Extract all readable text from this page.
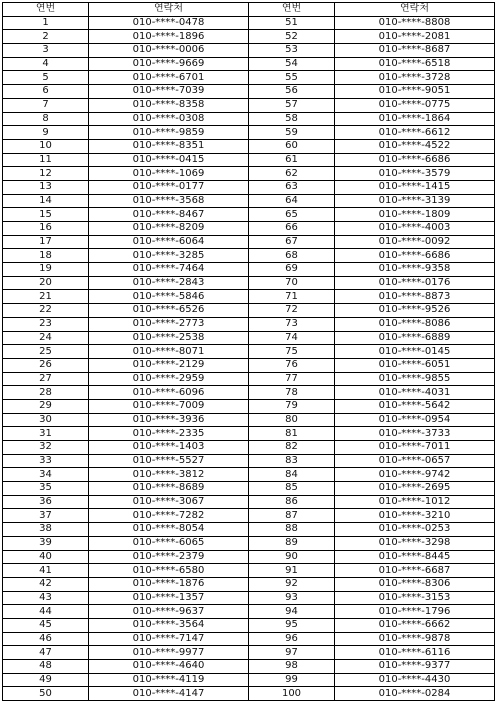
연번	연락처	연번	연락처
1	010-****-0478	51	010-****-8808
2	010-****-1896	52	010-****-2081
3	010-****-0006	53	010-****-8687
4	010-****-9669	54	010-****-6518
5	010-****-6701	55	010-****-3728
6	010-****-7039	56	010-****-9051
7	010-****-8358	57	010-****-0775
8	010-****-0308	58	010-****-1864
9	010-****-9859	59	010-****-6612
10	010-****-8351	60	010-****-4522
11	010-****-0415	61	010-****-6686
12	010-****-1069	62	010-****-3579
13	010-****-0177	63	010-****-1415
14	010-****-3568	64	010-****-3139
15	010-****-8467	65	010-****-1809
16	010-****-8209	66	010-****-4003
17	010-****-6064	67	010-****-0092
18	010-****-3285	68	010-****-6686
19	010-****-7464	69	010-****-9358
20	010-****-2843	70	010-****-0176
21	010-****-5846	71	010-****-8873
22	010-****-6526	72	010-****-9526
23	010-****-2773	73	010-****-8086
24	010-****-2538	74	010-****-6889
25	010-****-8071	75	010-****-0145
26	010-****-2129	76	010-****-6051
27	010-****-2959	77	010-****-9855
28	010-****-6096	78	010-****-4031
29	010-****-7009	79	010-****-5642
30	010-****-3936	80	010-****-0954
31	010-****-2335	81	010-****-3733
32	010-****-1403	82	010-****-7011
33	010-****-5527	83	010-****-0657
34	010-****-3812	84	010-****-9742
35	010-****-8689	85	010-****-2695
36	010-****-3067	86	010-****-1012
37	010-****-7282	87	010-****-3210
38	010-****-8054	88	010-****-0253
39	010-****-6065	89	010-****-3298
40	010-****-2379	90	010-****-8445
41	010-****-6580	91	010-****-6687
42	010-****-1876	92	010-****-8306
43	010-****-1357	93	010-****-3153
44	010-****-9637	94	010-****-1796
45	010-****-3564	95	010-****-6662
46	010-****-7147	96	010-****-9878
47	010-****-9977	97	010-****-6116
48	010-****-4640	98	010-****-9377
49	010-****-4119	99	010-****-4430
50	010-****-4147	100	010-****-0284
